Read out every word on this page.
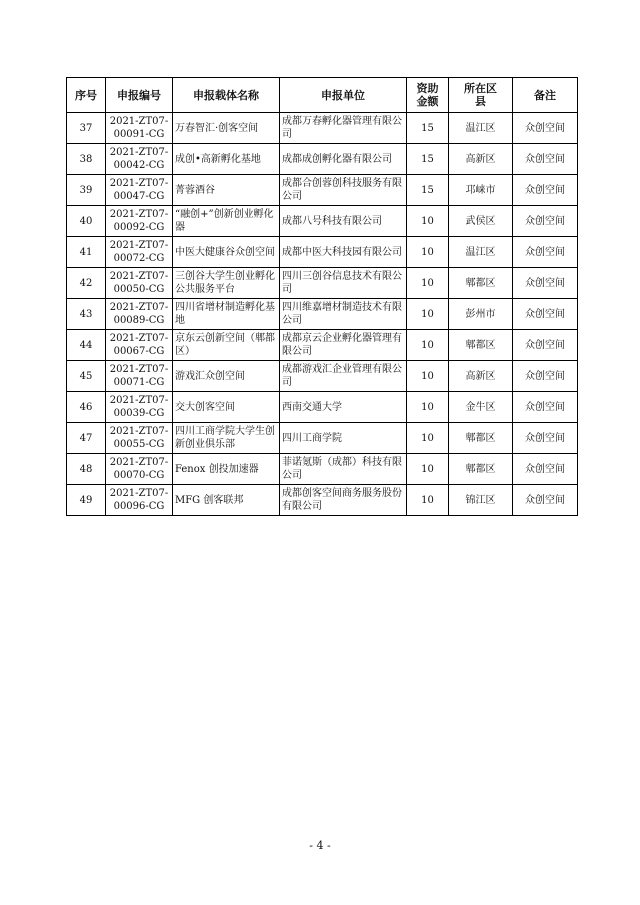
序号	申报编号	申报载体名称	申报单位	资助金额	所在区县	备注
37	2021-ZT07-00091-CG	万春智汇·创客空间	成都万春孵化器管理有限公司	15	温江区	众创空间
38	2021-ZT07-00042-CG	成创•高新孵化基地	成都成创孵化器有限公司	15	高新区	众创空间
39	2021-ZT07-00047-CG	菁蓉酒谷	成都合创蓉创科技服务有限公司	15	邛崃市	众创空间
40	2021-ZT07-00092-CG	“融创+”创新创业孵化器	成都八号科技有限公司	10	武侯区	众创空间
41	2021-ZT07-00072-CG	中医大健康谷众创空间	成都中医大科技园有限公司	10	温江区	众创空间
42	2021-ZT07-00050-CG	三创谷大学生创业孵化公共服务平台	四川三创谷信息技术有限公司	10	郫都区	众创空间
43	2021-ZT07-00089-CG	四川省增材制造孵化基地	四川维嘉增材制造技术有限公司	10	彭州市	众创空间
44	2021-ZT07-00067-CG	京东云创新空间（郫都区）	成都京云企业孵化器管理有限公司	10	郫都区	众创空间
45	2021-ZT07-00071-CG	游戏汇众创空间	成都游戏汇企业管理有限公司	10	高新区	众创空间
46	2021-ZT07-00039-CG	交大创客空间	西南交通大学	10	金牛区	众创空间
47	2021-ZT07-00055-CG	四川工商学院大学生创新创业俱乐部	四川工商学院	10	郫都区	众创空间
48	2021-ZT07-00070-CG	Fenox 创投加速器	菲诺氪斯（成都）科技有限公司	10	郫都区	众创空间
49	2021-ZT07-00096-CG	MFG 创客联邦	成都创客空间商务服务股份有限公司	10	锦江区	众创空间
- 4 -
